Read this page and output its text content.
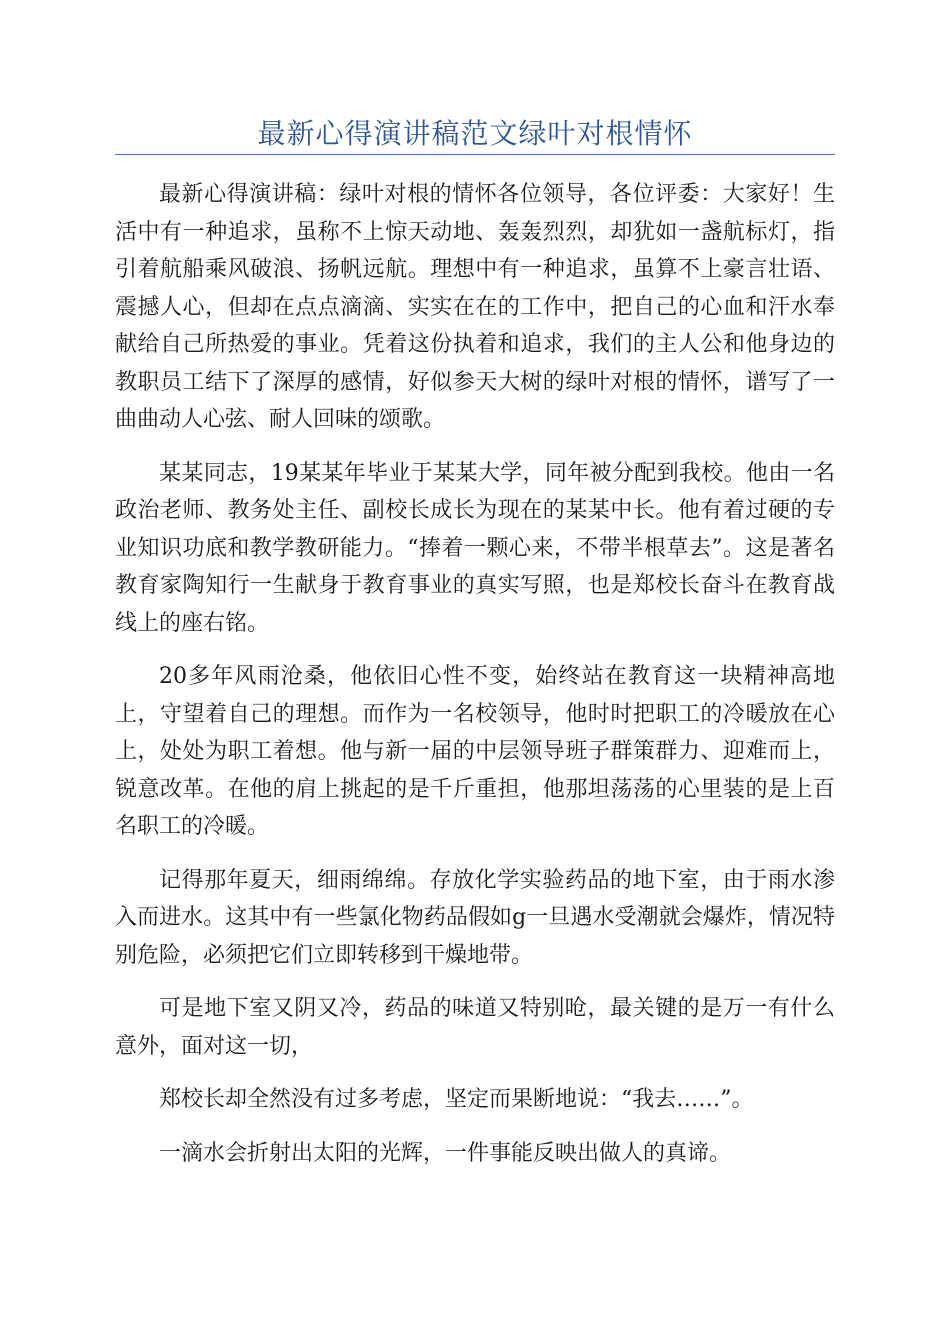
最新心得演讲稿范文绿叶对根情怀

最新心得演讲稿：绿叶对根的情怀各位领导，各位评委：大家好！生活中有一种追求，虽称不上惊天动地、轰轰烈烈，却犹如一盏航标灯，指引着航船乘风破浪、扬帆远航。理想中有一种追求，虽算不上豪言壮语、震撼人心，但却在点点滴滴、实实在在的工作中，把自己的心血和汗水奉献给自己所热爱的事业。凭着这份执着和追求，我们的主人公和他身边的教职员工结下了深厚的感情，好似参天大树的绿叶对根的情怀，谱写了一曲曲动人心弦、耐人回味的颂歌。

某某同志，19某某年毕业于某某大学，同年被分配到我校。他由一名政治老师、教务处主任、副校长成长为现在的某某中长。他有着过硬的专业知识功底和教学教研能力。“捧着一颗心来，不带半根草去”。这是著名教育家陶知行一生献身于教育事业的真实写照，也是郑校长奋斗在教育战线上的座右铭。

20多年风雨沧桑，他依旧心性不变，始终站在教育这一块精神高地上，守望着自己的理想。而作为一名校领导，他时时把职工的冷暖放在心上，处处为职工着想。他与新一届的中层领导班子群策群力、迎难而上，锐意改革。在他的肩上挑起的是千斤重担，他那坦荡荡的心里装的是上百名职工的冷暖。

记得那年夏天，细雨绵绵。存放化学实验药品的地下室，由于雨水渗入而进水。这其中有一些氯化物药品假如g一旦遇水受潮就会爆炸，情况特别危险，必须把它们立即转移到干燥地带。

可是地下室又阴又冷，药品的味道又特别呛，最关键的是万一有什么意外，面对这一切，

郑校长却全然没有过多考虑，坚定而果断地说：“我去……”。

一滴水会折射出太阳的光辉，一件事能反映出做人的真谛。
